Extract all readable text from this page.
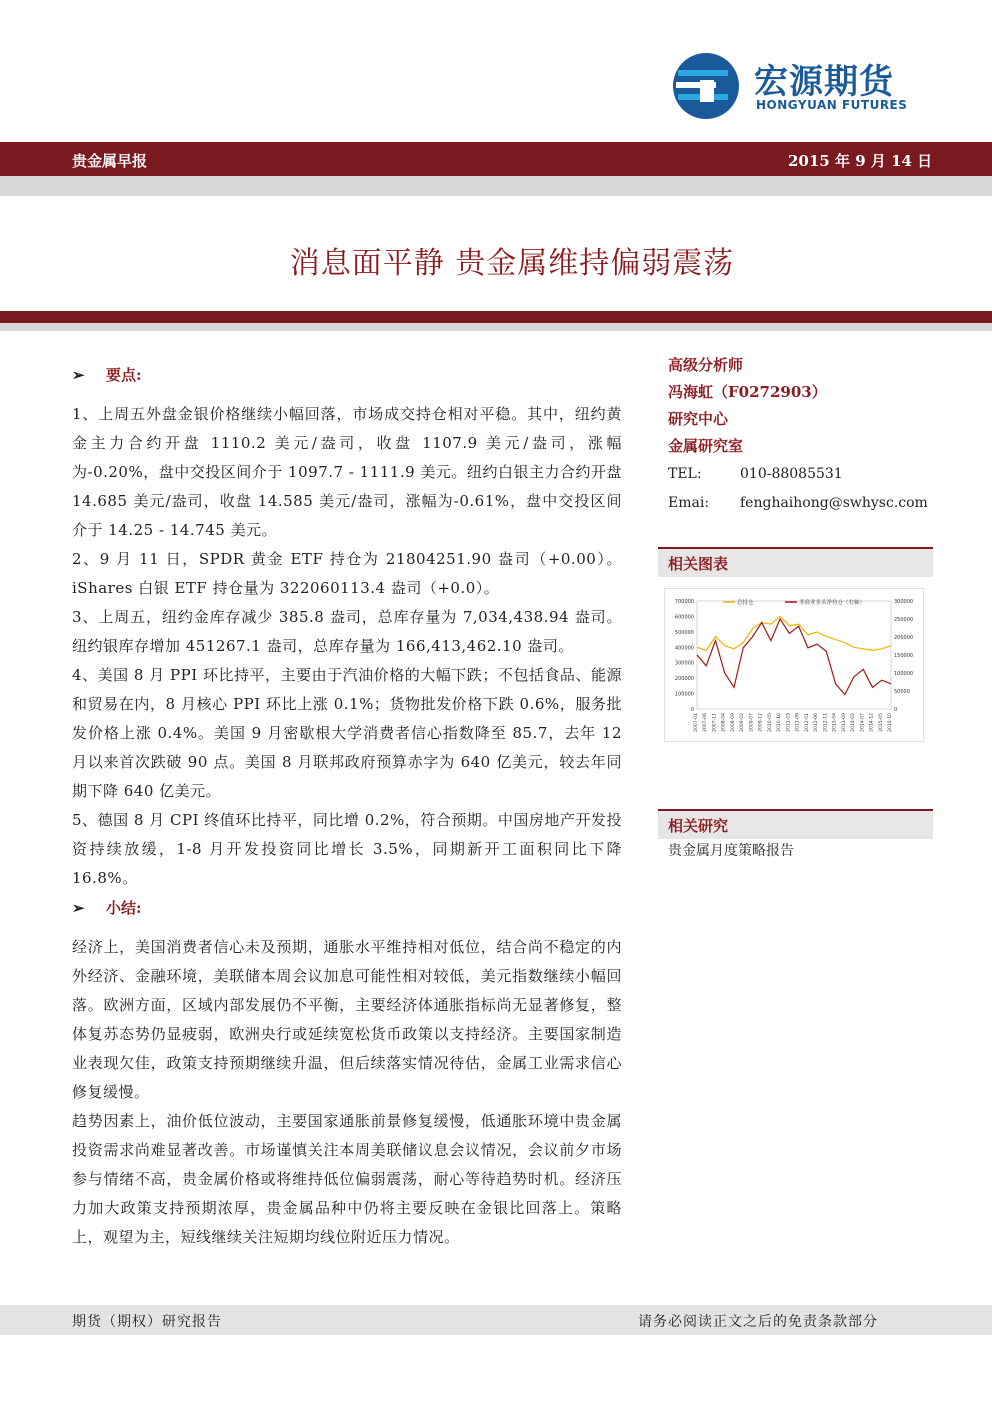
宏源期货
HONGYUAN FUTURES
贵金属早报	2015 年 9 月 14 日
消息面平静 贵金属维持偏弱震荡
➢ 要点:

1、上周五外盘金银价格继续小幅回落，市场成交持仓相对平稳。其中，纽约黄金主力合约开盘 1110.2 美元/盎司，收盘 1107.9 美元/盎司，涨幅为-0.20%，盘中交投区间介于 1097.7 - 1111.9 美元。纽约白银主力合约开盘 14.685 美元/盎司，收盘 14.585 美元/盎司，涨幅为-0.61%，盘中交投区间介于 14.25 - 14.745 美元。

2、9 月 11 日，SPDR 黄金 ETF 持仓为 21804251.90 盎司（+0.00）。iShares 白银 ETF 持仓量为 322060113.4 盎司（+0.0）。

3、上周五，纽约金库存减少 385.8 盎司，总库存量为 7,034,438.94 盎司。纽约银库存增加 451267.1 盎司，总库存量为 166,413,462.10 盎司。

4、美国 8 月 PPI 环比持平，主要由于汽油价格的大幅下跌；不包括食品、能源和贸易在内，8 月核心 PPI 环比上涨 0.1%；货物批发价格下跌 0.6%，服务批发价格上涨 0.4%。美国 9 月密歇根大学消费者信心指数降至 85.7，去年 12 月以来首次跌破 90 点。美国 8 月联邦政府预算赤字为 640 亿美元，较去年同期下降 640 亿美元。

5、德国 8 月 CPI 终值环比持平，同比增 0.2%，符合预期。中国房地产开发投资持续放缓，1-8 月开发投资同比增长 3.5%，同期新开工面积同比下降 16.8%。

➢ 小结:

经济上，美国消费者信心未及预期，通胀水平维持相对低位，结合尚不稳定的内外经济、金融环境，美联储本周会议加息可能性相对较低，美元指数继续小幅回落。欧洲方面，区域内部发展仍不平衡，主要经济体通胀指标尚无显著修复，整体复苏态势仍显疲弱，欧洲央行或延续宽松货币政策以支持经济。主要国家制造业表现欠佳，政策支持预期继续升温，但后续落实情况待估，金属工业需求信心修复缓慢。

趋势因素上，油价低位波动，主要国家通胀前景修复缓慢，低通胀环境中贵金属投资需求尚难显著改善。市场谨慎关注本周美联储议息会议情况，会议前夕市场参与情绪不高，贵金属价格或将维持低位偏弱震荡，耐心等待趋势时机。经济压力加大政策支持预期浓厚，贵金属品种中仍将主要反映在金银比回落上。策略上，观望为主，短线继续关注短期均线位附近压力情况。

高级分析师
冯海虹（F0272903）
研究中心
金属研究室
TEL:	010-88085531
Emai: fenghaihong@swhysc.com
相关图表
700000
600000
500000
400000
300000
200000
100000
0
300000
250000
200000
150000
100000
50000
0
2007-01 2007-06 2007-11 2008-04 2008-09 2009-02 2009-07 2009-12 2010-05 2010-10 2011-03 2011-08 2012-01 2012-06 2012-11 2013-04 2013-09 2014-02 2014-07 2014-12 2015-05 2015-10
总持仓	非商业多头净持仓（右轴）
相关研究
贵金属月度策略报告
期货（期权）研究报告	请务必阅读正文之后的免责条款部分
